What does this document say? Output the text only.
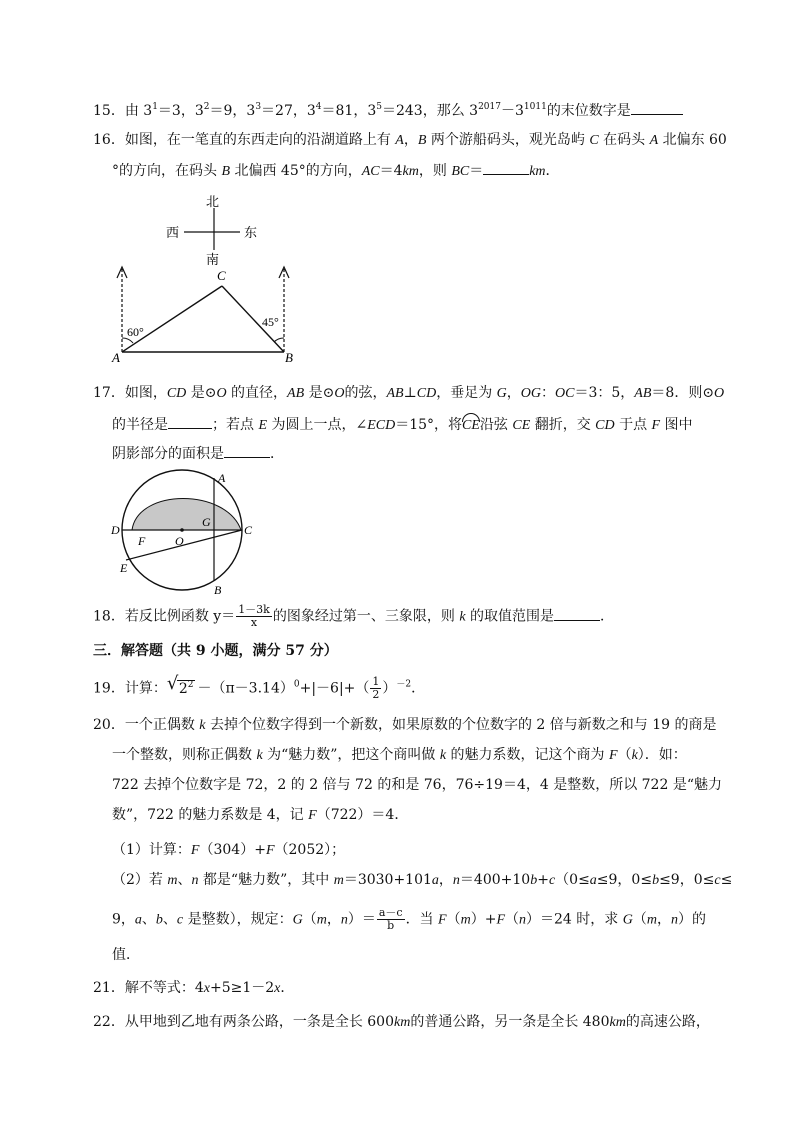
15．由 $3^1=3$，$3^2=9$，$3^3=27$，$3^4=81$，$3^5=243$，那么 $3^{2017}-3^{1011}$的末位数字是
16．如图，在一笔直的东西走向的沿湖道路上有 A，B 两个游船码头，观光岛屿 C 在码头 A 北偏东 60
°的方向，在码头 B 北偏西 45°的方向，AC＝4km，则 BC＝	km．
北
南
西	东
C
A	B
60°
45°
17．如图，CD 是⊙O 的直径，AB 是⊙O的弦，AB⊥CD，垂足为 G，OG：OC＝3：5，AB＝8．则⊙O
的半径是	；若点 E 为圆上一点，∠ECD＝15°，将CE沿弦 CE 翻折，交 CD 于点 F 图中
阴影部分的面积是	．
A
B
C
D
E
F
G
O
18．若反比例函数 $y= \frac{1-3k}{x}$ 的图象经过第一、三象限，则 k 的取值范围是	．
三．解答题（共 9 小题，满分 57 分）
19．计算： √ $2^2 -(\pi-3.14)^0+|-6|+( \frac{1}{2} )^{-2}$．
20．一个正偶数 k 去掉个位数字得到一个新数，如果原数的个位数字的 2 倍与新数之和与 19 的商是
一个整数，则称正偶数 k 为“魅力数”，把这个商叫做 k 的魅力系数，记这个商为 F（k）．如：
722 去掉个位数字是 72，2 的 2 倍与 72 的和是 76，76÷19＝4，4 是整数，所以 722 是“魅力
数”，722 的魅力系数是 4，记 F（722）＝4．
（1）计算：F（304）+F（2052）；
（2）若 m、n 都是“魅力数”，其中 m＝3030+101a，n＝400+10b+c（0≤a≤9，0≤b≤9，0≤c≤
9，a、b、c 是整数），规定：G（m，$n)= \frac{a-c}{b}$ ．当 F（m）+F（n）＝24 时，求 G（m，n）的
值．
21．解不等式：4x+5≥1－2x．
22．从甲地到乙地有两条公路，一条是全长 600km的普通公路，另一条是全长 480km的高速公路，
